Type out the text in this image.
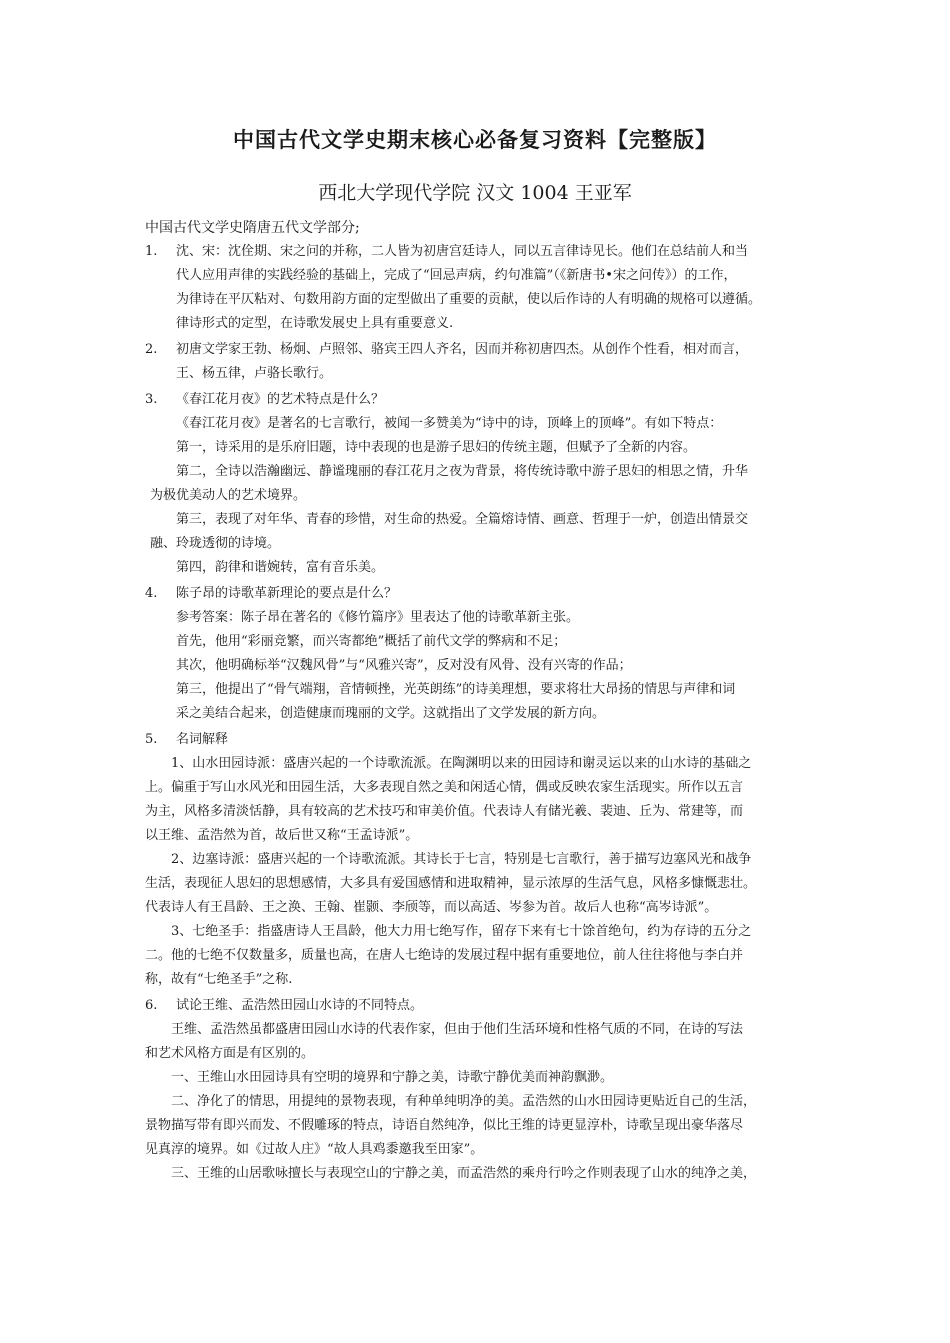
中国古代文学史期末核心必备复习资料【完整版】
西北大学现代学院 汉文 1004 王亚军
中国古代文学史隋唐五代文学部分;
1. 沈、宋：沈佺期、宋之问的并称，二人皆为初唐宫廷诗人，同以五言律诗见长。他们在总结前人和当

代人应用声律的实践经验的基础上，完成了“回忌声病，约句准篇”（《新唐书•宋之问传》）的工作，

为律诗在平仄粘对、句数用韵方面的定型做出了重要的贡献，使以后作诗的人有明确的规格可以遵循。

律诗形式的定型，在诗歌发展史上具有重要意义.

2. 初唐文学家王勃、杨炯、卢照邻、骆宾王四人齐名，因而并称初唐四杰。从创作个性看，相对而言，

王、杨五律，卢骆长歌行。

3. 《春江花月夜》的艺术特点是什么？

《春江花月夜》是著名的七言歌行，被闻一多赞美为“诗中的诗，顶峰上的顶峰”。有如下特点：

第一，诗采用的是乐府旧题，诗中表现的也是游子思妇的传统主题，但赋予了全新的内容。

第二，全诗以浩瀚幽远、静谧瑰丽的春江花月之夜为背景，将传统诗歌中游子思妇的相思之情，升华

为极优美动人的艺术境界。

第三，表现了对年华、青春的珍惜，对生命的热爱。全篇熔诗情、画意、哲理于一炉，创造出情景交

融、玲珑透彻的诗境。

第四，韵律和谐婉转，富有音乐美。

4. 陈子昂的诗歌革新理论的要点是什么？

参考答案：陈子昂在著名的《修竹篇序》里表达了他的诗歌革新主张。

首先，他用“彩丽竞繁，而兴寄都绝”概括了前代文学的弊病和不足；

其次，他明确标举“汉魏风骨”与“风雅兴寄”，反对没有风骨、没有兴寄的作品；

第三，他提出了“骨气端翔，音情顿挫，光英朗练”的诗美理想，要求将壮大昂扬的情思与声律和词

采之美结合起来，创造健康而瑰丽的文学。这就指出了文学发展的新方向。

5. 名词解释

1、山水田园诗派：盛唐兴起的一个诗歌流派。在陶渊明以来的田园诗和谢灵运以来的山水诗的基础之

上。偏重于写山水风光和田园生活，大多表现自然之美和闲适心情，偶或反映农家生活现实。所作以五言

为主，风格多清淡恬静，具有较高的艺术技巧和审美价值。代表诗人有储光羲、裴迪、丘为、常建等，而

以王维、孟浩然为首，故后世又称“王孟诗派”。

2、边塞诗派：盛唐兴起的一个诗歌流派。其诗长于七言，特别是七言歌行，善于描写边塞风光和战争

生活，表现征人思妇的思想感情，大多具有爱国感情和进取精神，显示浓厚的生活气息，风格多慷慨悲壮。

代表诗人有王昌龄、王之涣、王翰、崔颢、李颀等，而以高适、岑参为首。故后人也称“高岑诗派”。

3、七绝圣手：指盛唐诗人王昌龄，他大力用七绝写作，留存下来有七十馀首绝句，约为存诗的五分之

二。他的七绝不仅数量多，质量也高，在唐人七绝诗的发展过程中据有重要地位，前人往往将他与李白并

称，故有“七绝圣手”之称.

6. 试论王维、孟浩然田园山水诗的不同特点。

王维、孟浩然虽都盛唐田园山水诗的代表作家，但由于他们生活环境和性格气质的不同，在诗的写法

和艺术风格方面是有区别的。

一、王维山水田园诗具有空明的境界和宁静之美，诗歌宁静优美而神韵飘渺。

二、净化了的情思，用提纯的景物表现，有种单纯明净的美。孟浩然的山水田园诗更贴近自己的生活，

景物描写带有即兴而发、不假雕琢的特点，诗语自然纯净，似比王维的诗更显淳朴，诗歌呈现出豪华落尽

见真淳的境界。如《过故人庄》“故人具鸡黍邀我至田家”。

三、王维的山居歌咏擅长与表现空山的宁静之美，而孟浩然的乘舟行吟之作则表现了山水的纯净之美，
